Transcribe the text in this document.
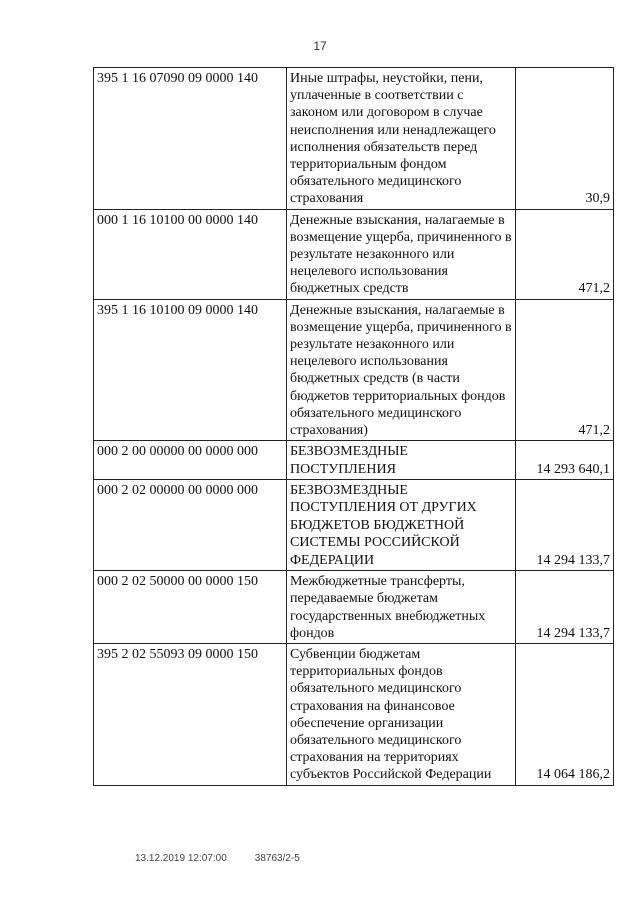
17
395 1 16 07090 09 0000 140	Иные штрафы, неустойки, пени, уплаченные в соответствии с законом или договором в случае неисполнения или ненадлежащего исполнения обязательств перед территориальным фондом обязательного медицинского страхования	30,9
000 1 16 10100 00 0000 140	Денежные взыскания, налагаемые в возмещение ущерба, причиненного в результате незаконного или нецелевого использования бюджетных средств	471,2
395 1 16 10100 09 0000 140	Денежные взыскания, налагаемые в возмещение ущерба, причиненного в результате незаконного или нецелевого использования бюджетных средств (в части бюджетов территориальных фондов обязательного медицинского страхования)	471,2
000 2 00 00000 00 0000 000	БЕЗВОЗМЕЗДНЫЕ ПОСТУПЛЕНИЯ	14 293 640,1
000 2 02 00000 00 0000 000	БЕЗВОЗМЕЗДНЫЕ ПОСТУПЛЕНИЯ ОТ ДРУГИХ БЮДЖЕТОВ БЮДЖЕТНОЙ СИСТЕМЫ РОССИЙСКОЙ ФЕДЕРАЦИИ	14 294 133,7
000 2 02 50000 00 0000 150	Межбюджетные трансферты, передаваемые бюджетам государственных внебюджетных фондов	14 294 133,7
395 2 02 55093 09 0000 150	Субвенции бюджетам территориальных фондов обязательного медицинского страхования на финансовое обеспечение организации обязательного медицинского страхования на территориях субъектов Российской Федерации	14 064 186,2
13.12.2019 12:07:00	38763/2-5
